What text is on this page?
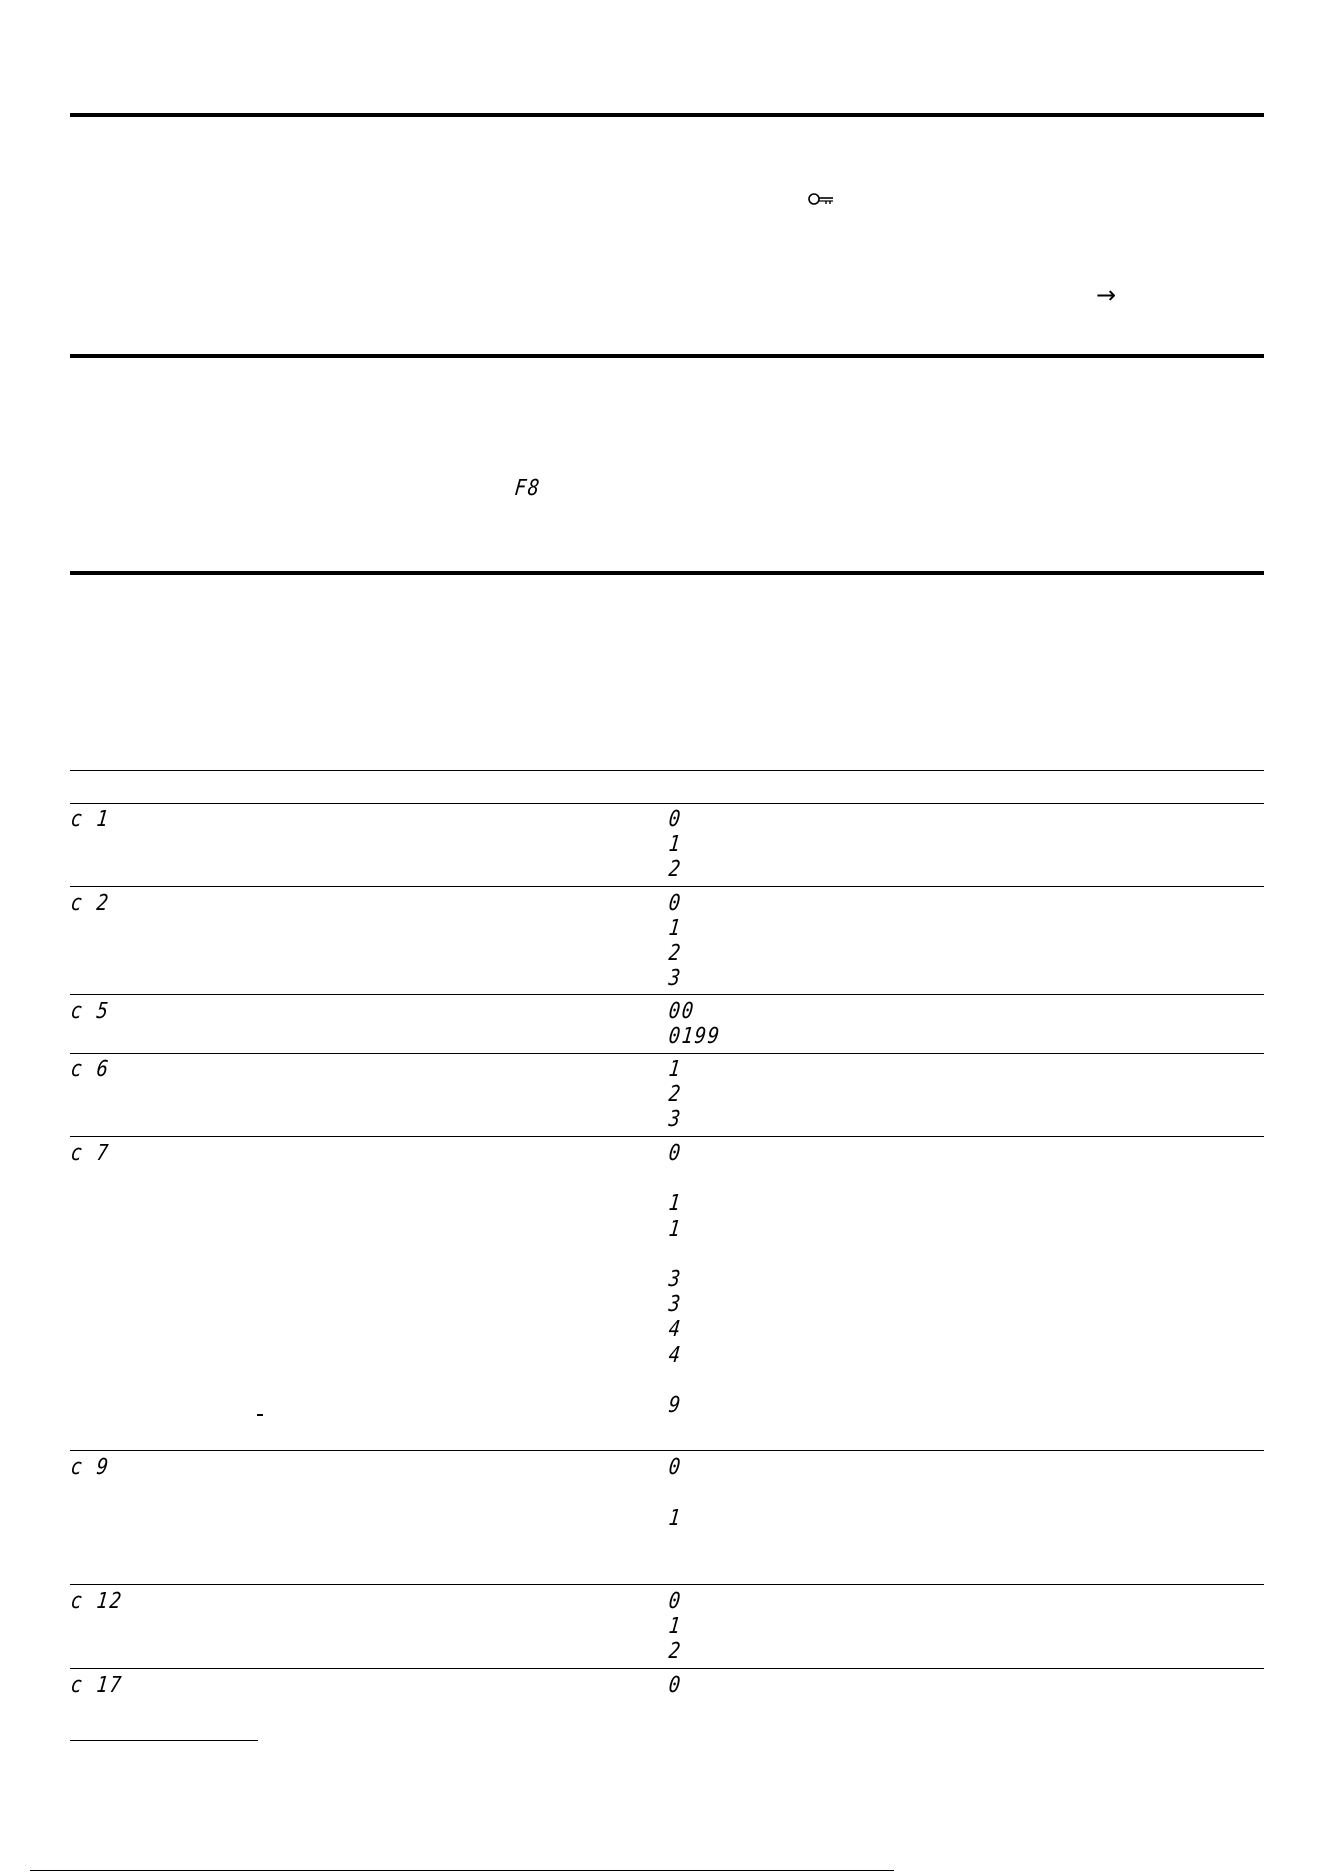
→
F8
c 1	0
1
2
c 2	0
1
2
3
c 5	00
0199
c 6	1
2
3
c 7	0
1
1
3
3
4
4
9
c 9	0
1
c 12	0
1
2
c 17	0
